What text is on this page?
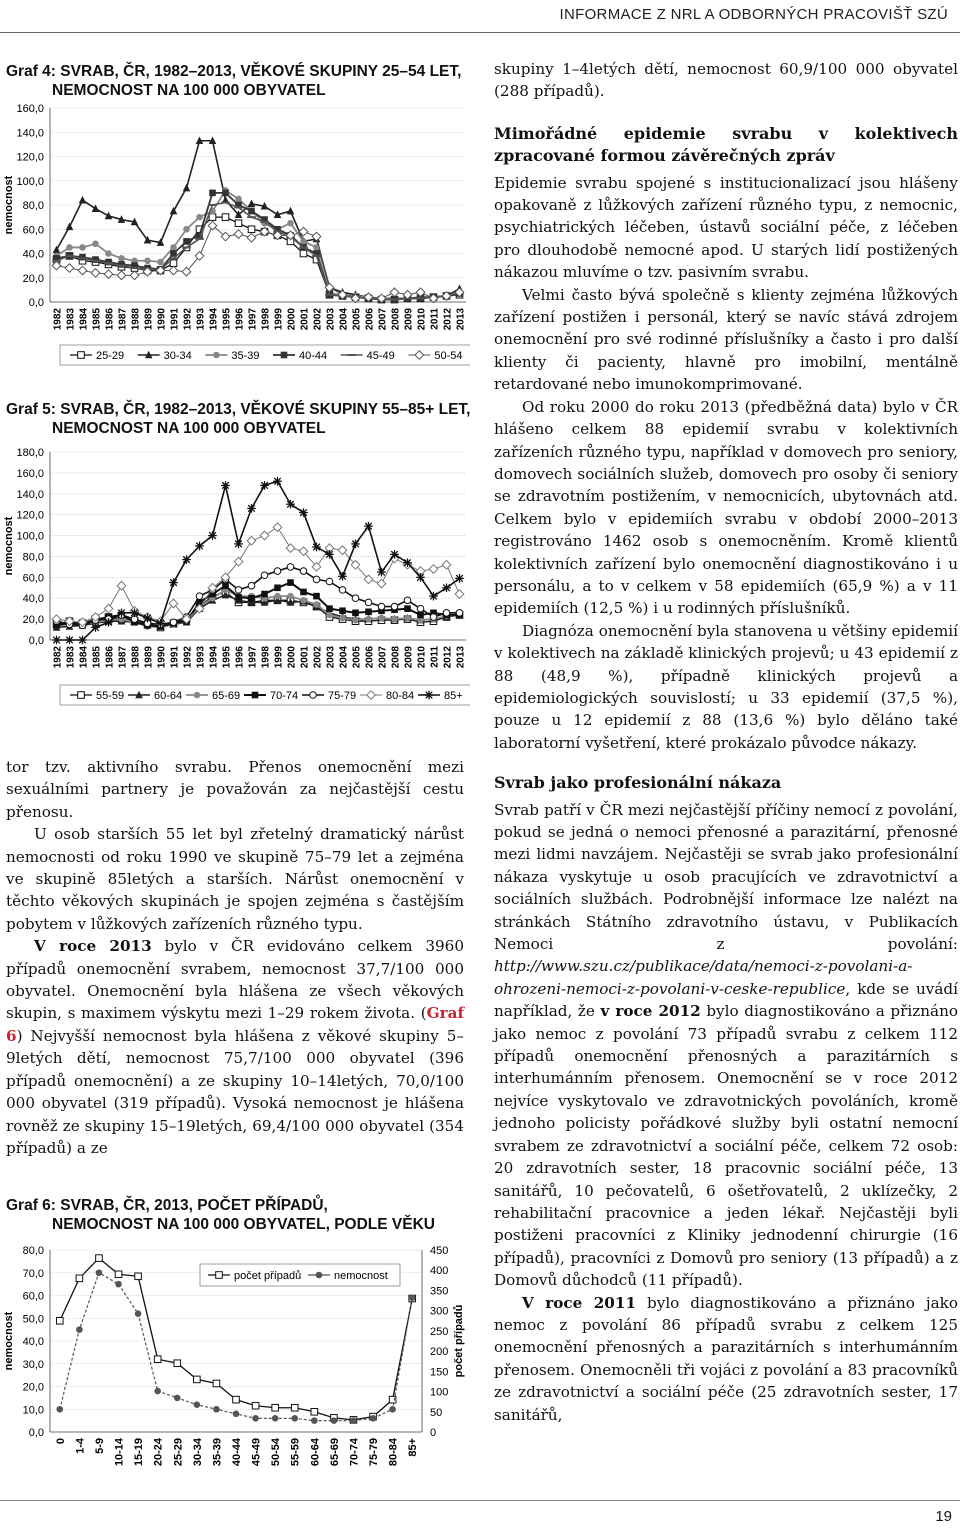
INFORMACE Z NRL A ODBORNÝCH PRACOVIŠŤ SZÚ
Graf 4: SVRAB, ČR, 1982–2013, VĚKOVÉ SKUPINY 25–54 LET,
NEMOCNOST NA 100 000 OBYVATEL
nemocnost
0,0
20,0
40,0
60,0
80,0
100,0
120,0
140,0
160,0
1982 1983 1984 1985 1986 1987 1988 1989 1990 1991 1992 1993 1994 1995 1996 1997 1998 1999 2000 2001 2002 2003 2004 2005 2006 2007 2008 2009 2010 2011 2012 2013
25-29	30-34	35-39	40-44	45-49	50-54
Graf 5: SVRAB, ČR, 1982–2013, VĚKOVÉ SKUPINY 55–85+ LET,
NEMOCNOST NA 100 000 OBYVATEL
nemocnost
0,0
20,0
40,0
60,0
80,0
100,0
120,0
140,0
160,0
180,0
1982 1983 1984 1985 1986 1987 1988 1989 1990 1991 1992 1993 1994 1995 1996 1997 1998 1999 2000 2001 2002 2003 2004 2005 2006 2007 2008 2009 2010 2011 2012 2013
55-59	60-64	65-69	70-74	75-79	80-84	85+

tor tzv. aktivního svrabu. Přenos onemocnění mezi sexuálními partnery je považován za nejčastější cestu přenosu.

U osob starších 55 let byl zřetelný dramatický nárůst nemocnosti od roku 1990 ve skupině 75–79 let a zejména ve skupině 85letých a starších. Nárůst onemocnění v těchto věkových skupinách je spojen zejména s častějším pobytem v lůžkových zařízeních různého typu.

V roce 2013 bylo v ČR evidováno celkem 3960 případů onemocnění svrabem, nemocnost 37,7/100 000 obyvatel. Onemocnění byla hlášena ze všech věkových skupin, s maximem výskytu mezi 1–29 rokem života. (Graf 6) Nejvyšší nemocnost byla hlášena z věkové skupiny 5–9letých dětí, nemocnost 75,7/100 000 obyvatel (396 případů onemocnění) a ze skupiny 10–14letých, 70,0/100 000 obyvatel (319 případů). Vysoká nemocnost je hlášena rovněž ze skupiny 15–19letých, 69,4/100 000 obyvatel (354 případů) a ze

Graf 6: SVRAB, ČR, 2013, POČET PŘÍPADŮ,
NEMOCNOST NA 100 000 OBYVATEL, PODLE VĚKU
nemocnost	počet případů
0,0
10,0
20,0
30,0
40,0
50,0
60,0
70,0
80,0
0
50
100
150
200
250
300
350
400
450
0 1-4 5-9 10-14 15-19 20-24 25-29 30-34 35-39 40-44 45-49 50-54 55-59 60-64 65-69 70-74 75-79 80-84 85+
počet případů	nemocnost

skupiny 1–4letých dětí, nemocnost 60,9/100 000 obyvatel (288 případů).

Mimořádné epidemie svrabu v kolektivech zpracované formou závěrečných zpráv

Epidemie svrabu spojené s institucionalizací jsou hlášeny opakovaně z lůžkových zařízení různého typu, z nemocnic, psychiatrických léčeben, ústavů sociální péče, z léčeben pro dlouhodobě nemocné apod. U starých lidí postižených nákazou mluvíme o tzv. pasivním svrabu.

Velmi často bývá společně s klienty zejména lůžkových zařízení postižen i personál, který se navíc stává zdrojem onemocnění pro své rodinné příslušníky a často i pro další klienty či pacienty, hlavně pro imobilní, mentálně retardované nebo imunokomprimované.

Od roku 2000 do roku 2013 (předběžná data) bylo v ČR hlášeno celkem 88 epidemií svrabu v kolektivních zařízeních různého typu, například v domovech pro seniory, domovech sociálních služeb, domovech pro osoby či seniory se zdravotním postižením, v nemocnicích, ubytovnách atd. Celkem bylo v epidemiích svrabu v období 2000–2013 registrováno 1462 osob s onemocněním. Kromě klientů kolektivních zařízení bylo onemocnění diagnostikováno i u personálu, a to v celkem v 58 epidemiích (65,9 %) a v 11 epidemiích (12,5 %) i u rodinných příslušníků.

Diagnóza onemocnění byla stanovena u většiny epidemií v kolektivech na základě klinických projevů; u 43 epidemií z 88 (48,9 %), případně klinických projevů a epidemiologických souvislostí; u 33 epidemií (37,5 %), pouze u 12 epidemií z 88 (13,6 %) bylo děláno také laboratorní vyšetření, které prokázalo původce nákazy.

Svrab jako profesionální nákaza

Svrab patří v ČR mezi nejčastější příčiny nemocí z povolání, pokud se jedná o nemoci přenosné a parazitární, přenosné mezi lidmi navzájem. Nejčastěji se svrab jako profesionální nákaza vyskytuje u osob pracujících ve zdravotnictví a sociálních službách. Podrobnější informace lze nalézt na stránkách Státního zdravotního ústavu, v Publikacích Nemoci z povolání: http://www.szu.cz/publikace/data/nemoci-z-povolani-a-ohrozeni-nemoci-z-povolani-v-ceske-republice, kde se uvádí například, že v roce 2012 bylo diagnostikováno a přiznáno jako nemoc z povolání 73 případů svrabu z celkem 112 případů onemocnění přenosných a parazitárních s interhumánním přenosem. Onemocnění se v roce 2012 nejvíce vyskytovalo ve zdravotnických povoláních, kromě jednoho policisty pořádkové služby byli ostatní nemocní svrabem ze zdravotnictví a sociální péče, celkem 72 osob: 20 zdravotních sester, 18 pracovnic sociální péče, 13 sanitářů, 10 pečovatelů, 6 ošetřovatelů, 2 uklízečky, 2 rehabilitační pracovnice a jeden lékař. Nejčastěji byli postiženi pracovníci z Kliniky jednodenní chirurgie (16 případů), pracovníci z Domovů pro seniory (13 případů) a z Domovů důchodců (11 případů).

V roce 2011 bylo diagnostikováno a přiznáno jako nemoc z povolání 86 případů svrabu z celkem 125 onemocnění přenosných a parazitárních s interhumánním přenosem. Onemocněli tři vojáci z povolání a 83 pracovníků ze zdravotnictví a sociální péče (25 zdravotních sester, 17 sanitářů,

19
